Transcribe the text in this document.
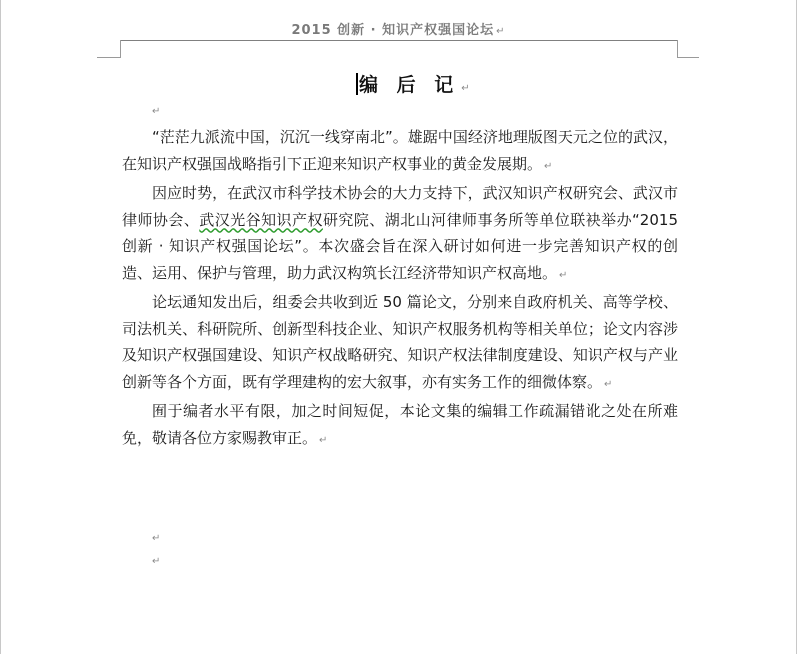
2015 创新 · 知识产权强国论坛 ↵
编 后 记 ↵
↵

“茫茫九派流中国，沉沉一线穿南北”。雄踞中国经济地理版图天元之位的武汉，在知识产权强国战略指引下正迎来知识产权事业的黄金发展期。 ↵

因应时势，在武汉市科学技术协会的大力支持下，武汉知识产权研究会、武汉市律师协会、武汉光谷知识产权研究院、湖北山河律师事务所等单位联袂举办“2015 创新 · 知识产权强国论坛”。本次盛会旨在深入研讨如何进一步完善知识产权的创造、运用、保护与管理，助力武汉构筑长江经济带知识产权高地。 ↵

论坛通知发出后，组委会共收到近 50 篇论文，分别来自政府机关、高等学校、司法机关、科研院所、创新型科技企业、知识产权服务机构等相关单位；论文内容涉及知识产权强国建设、知识产权战略研究、知识产权法律制度建设、知识产权与产业创新等各个方面，既有学理建构的宏大叙事，亦有实务工作的细微体察。 ↵

囿于编者水平有限，加之时间短促，本论文集的编辑工作疏漏错讹之处在所难免，敬请各位方家赐教审正。 ↵

↵
↵
